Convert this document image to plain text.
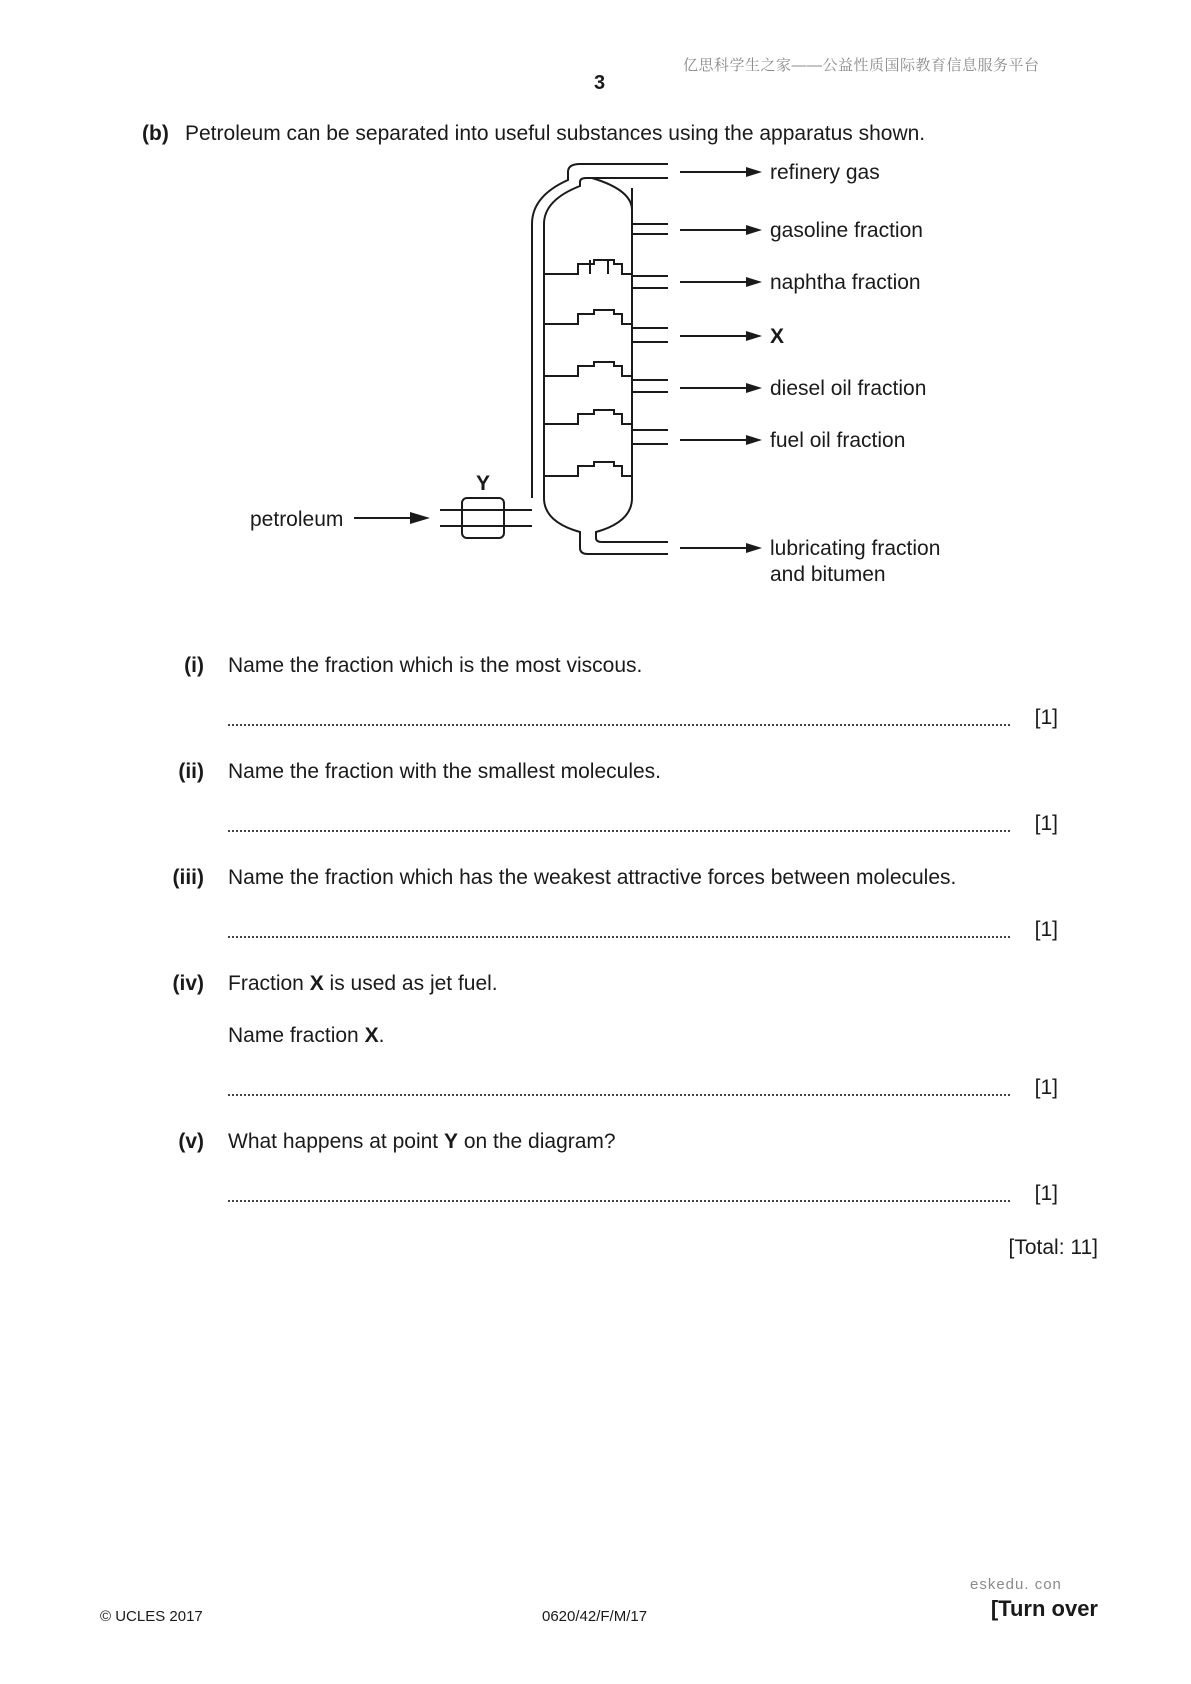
亿思科学生之家——公益性质国际教育信息服务平台
3
(b) Petroleum can be separated into useful substances using the apparatus shown.
petroleum
Y
refinery gas
gasoline fraction
naphtha fraction
X
diesel oil fraction
fuel oil fraction
lubricating fraction
and bitumen
(i) Name the fraction which is the most viscous.
[1]
(ii) Name the fraction with the smallest molecules.
[1]
(iii) Name the fraction which has the weakest attractive forces between molecules.
[1]
(iv) Fraction X is used as jet fuel.
Name fraction X.
[1]
(v) What happens at point Y on the diagram?
[1]
[Total: 11]
eskedu. con
© UCLES 2017	0620/42/F/M/17	[Turn over
